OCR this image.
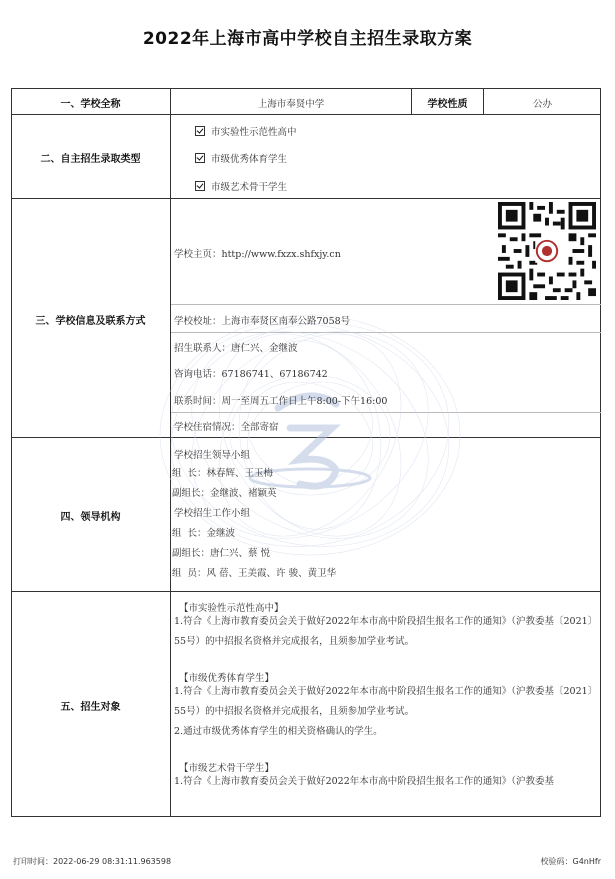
2022年上海市高中学校自主招生录取方案
一、学校全称	上海市奉贤中学	学校性质	公办
二、自主招生录取类型
市实验性示范性高中
市级优秀体育学生
市级艺术骨干学生
三、学校信息及联系方式
学校主页：http://www.fxzx.shfxjy.cn
学校校址：上海市奉贤区南奉公路7058号
招生联系人：唐仁兴、金继波
咨询电话：67186741、67186742
联系时间：周一至周五工作日上午8:00-下午16:00
学校住宿情况：全部寄宿
四、领导机构
学校招生领导小组
组  长：林春辉、王玉梅
副组长：金继波、褚颖英
学校招生工作小组
组  长：金继波
副组长：唐仁兴、蔡 悦
组  员：风 蓓、王美霞、许 骏、黄卫华
五、招生对象
【市实验性示范性高中】
1.符合《上海市教育委员会关于做好2022年本市高中阶段招生报名工作的通知》（沪教委基〔2021〕55号）的中招报名资格并完成报名，且须参加学业考试。
【市级优秀体育学生】
1.符合《上海市教育委员会关于做好2022年本市高中阶段招生报名工作的通知》（沪教委基〔2021〕55号）的中招报名资格并完成报名，且须参加学业考试。
2.通过市级优秀体育学生的相关资格确认的学生。
【市级艺术骨干学生】
1.符合《上海市教育委员会关于做好2022年本市高中阶段招生报名工作的通知》（沪教委基
打印时间：2022-06-29 08:31:11.963598	校验码：G4nHfr
